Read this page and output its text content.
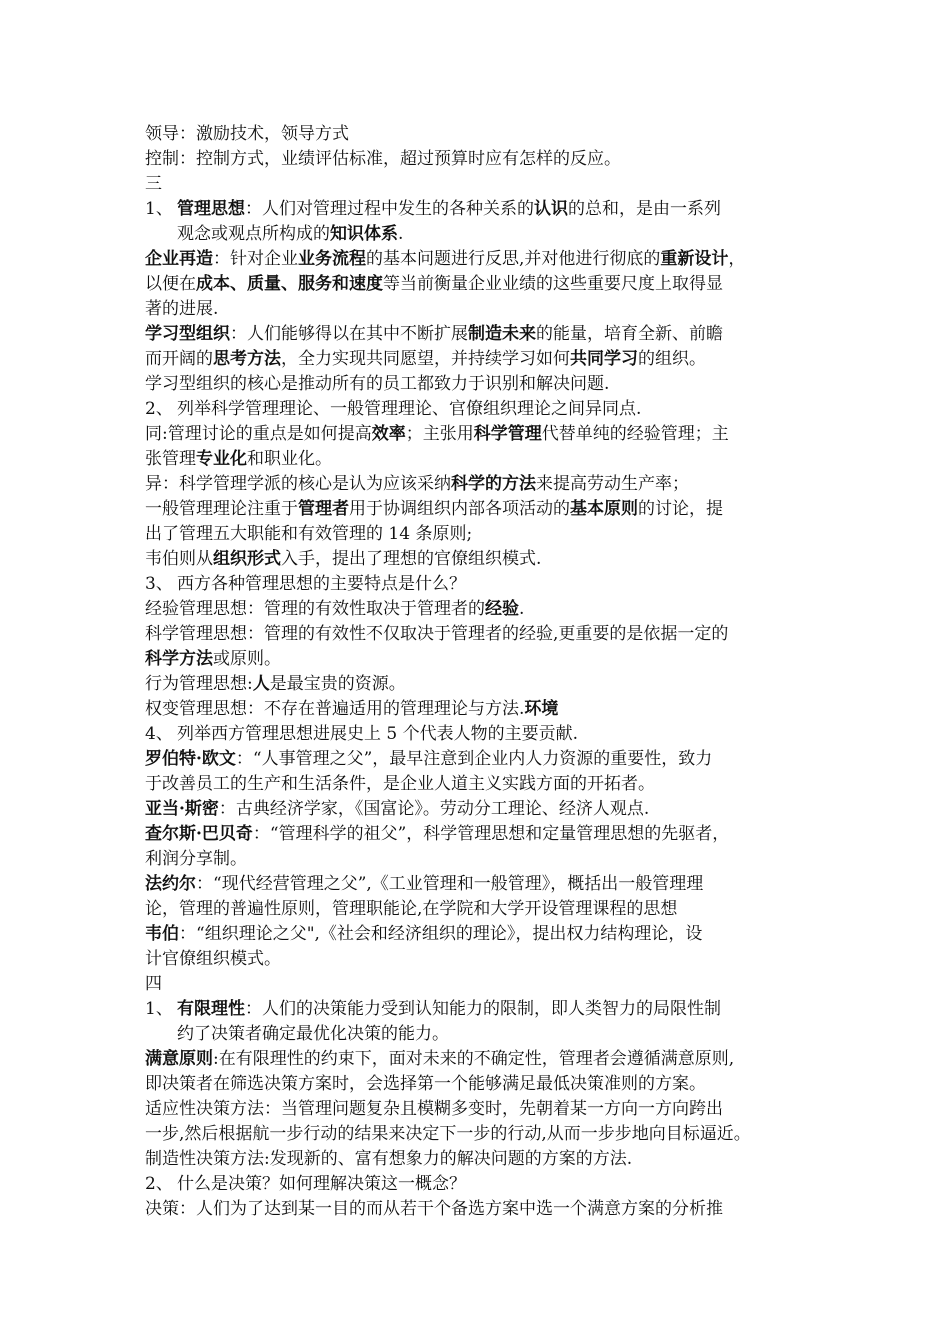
领导：激励技术，领导方式
控制：控制方式，业绩评估标准，超过预算时应有怎样的反应。
三
1、 管理思想：人们对管理过程中发生的各种关系的认识的总和，是由一系列
观念或观点所构成的知识体系.
企业再造：针对企业业务流程的基本问题进行反思,并对他进行彻底的重新设计，
以便在成本、质量、服务和速度等当前衡量企业业绩的这些重要尺度上取得显
著的进展.
学习型组织：人们能够得以在其中不断扩展制造未来的能量，培育全新、前瞻
而开阔的思考方法，全力实现共同愿望，并持续学习如何共同学习的组织。
学习型组织的核心是推动所有的员工都致力于识别和解决问题.
2、 列举科学管理理论、一般管理理论、官僚组织理论之间异同点.
同:管理讨论的重点是如何提高效率；主张用科学管理代替单纯的经验管理；主
张管理专业化和职业化。
异：科学管理学派的核心是认为应该采纳科学的方法来提高劳动生产率；
一般管理理论注重于管理者用于协调组织内部各项活动的基本原则的讨论，提
出了管理五大职能和有效管理的 14 条原则;
韦伯则从组织形式入手，提出了理想的官僚组织模式.
3、 西方各种管理思想的主要特点是什么？
经验管理思想：管理的有效性取决于管理者的经验.
科学管理思想：管理的有效性不仅取决于管理者的经验,更重要的是依据一定的
科学方法或原则。
行为管理思想:人是最宝贵的资源。
权变管理思想：不存在普遍适用的管理理论与方法.环境
4、 列举西方管理思想进展史上 5 个代表人物的主要贡献.
罗伯特·欧文：“人事管理之父”，最早注意到企业内人力资源的重要性，致力
于改善员工的生产和生活条件，是企业人道主义实践方面的开拓者。
亚当·斯密：古典经济学家，《国富论》。劳动分工理论、经济人观点.
查尔斯·巴贝奇：“管理科学的祖父”，科学管理思想和定量管理思想的先驱者，
利润分享制。
法约尔：“现代经营管理之父”,《工业管理和一般管理》，概括出一般管理理
论，管理的普遍性原则，管理职能论,在学院和大学开设管理课程的思想
韦伯：“组织理论之父",《社会和经济组织的理论》，提出权力结构理论，设
计官僚组织模式。
四
1、 有限理性：人们的决策能力受到认知能力的限制，即人类智力的局限性制
约了决策者确定最优化决策的能力。
满意原则:在有限理性的约束下，面对未来的不确定性，管理者会遵循满意原则,
即决策者在筛选决策方案时，会选择第一个能够满足最低决策准则的方案。
适应性决策方法：当管理问题复杂且模糊多变时，先朝着某一方向一方向跨出
一步,然后根据航一步行动的结果来决定下一步的行动,从而一步步地向目标逼近。
制造性决策方法:发现新的、富有想象力的解决问题的方案的方法.
2、 什么是决策？如何理解决策这一概念？
决策：人们为了达到某一目的而从若干个备选方案中选一个满意方案的分析推
